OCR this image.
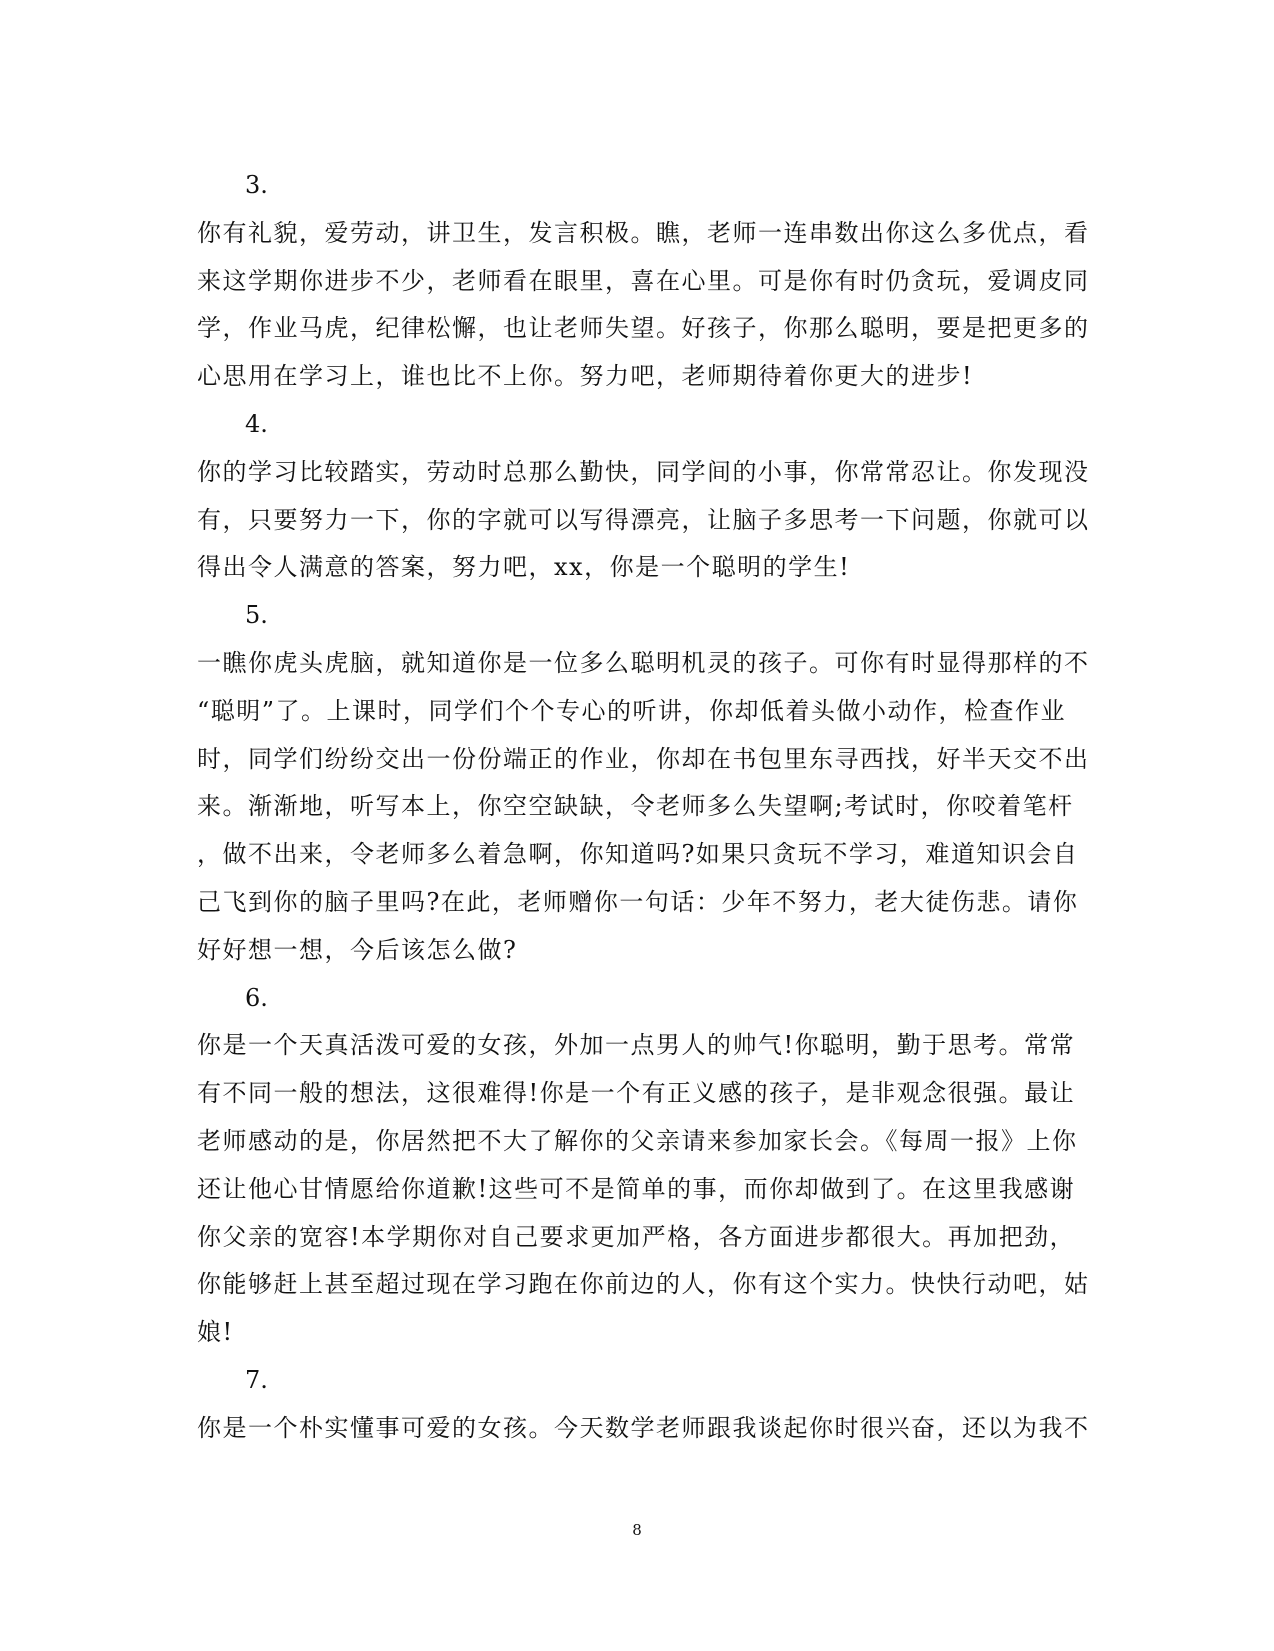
3.
你有礼貌，爱劳动，讲卫生，发言积极。瞧，老师一连串数出你这么多优点，看
来这学期你进步不少，老师看在眼里，喜在心里。可是你有时仍贪玩，爱调皮同
学，作业马虎，纪律松懈，也让老师失望。好孩子，你那么聪明，要是把更多的
心思用在学习上，谁也比不上你。努力吧，老师期待着你更大的进步!
4.
你的学习比较踏实，劳动时总那么勤快，同学间的小事，你常常忍让。你发现没
有，只要努力一下，你的字就可以写得漂亮，让脑子多思考一下问题，你就可以
得出令人满意的答案，努力吧，xx，你是一个聪明的学生!
5.
一瞧你虎头虎脑，就知道你是一位多么聪明机灵的孩子。可你有时显得那样的不
“聪明”了。上课时，同学们个个专心的听讲，你却低着头做小动作，检查作业
时，同学们纷纷交出一份份端正的作业，你却在书包里东寻西找，好半天交不出
来。渐渐地，听写本上，你空空缺缺，令老师多么失望啊;考试时，你咬着笔杆
，做不出来，令老师多么着急啊，你知道吗?如果只贪玩不学习，难道知识会自
己飞到你的脑子里吗?在此，老师赠你一句话：少年不努力，老大徒伤悲。请你
好好想一想，今后该怎么做?
6.
你是一个天真活泼可爱的女孩，外加一点男人的帅气!你聪明，勤于思考。常常
有不同一般的想法，这很难得!你是一个有正义感的孩子，是非观念很强。最让
老师感动的是，你居然把不大了解你的父亲请来参加家长会。《每周一报》上你
还让他心甘情愿给你道歉!这些可不是简单的事，而你却做到了。在这里我感谢
你父亲的宽容!本学期你对自己要求更加严格，各方面进步都很大。再加把劲，
你能够赶上甚至超过现在学习跑在你前边的人，你有这个实力。快快行动吧，姑
娘!
7.
你是一个朴实懂事可爱的女孩。今天数学老师跟我谈起你时很兴奋，还以为我不
8
